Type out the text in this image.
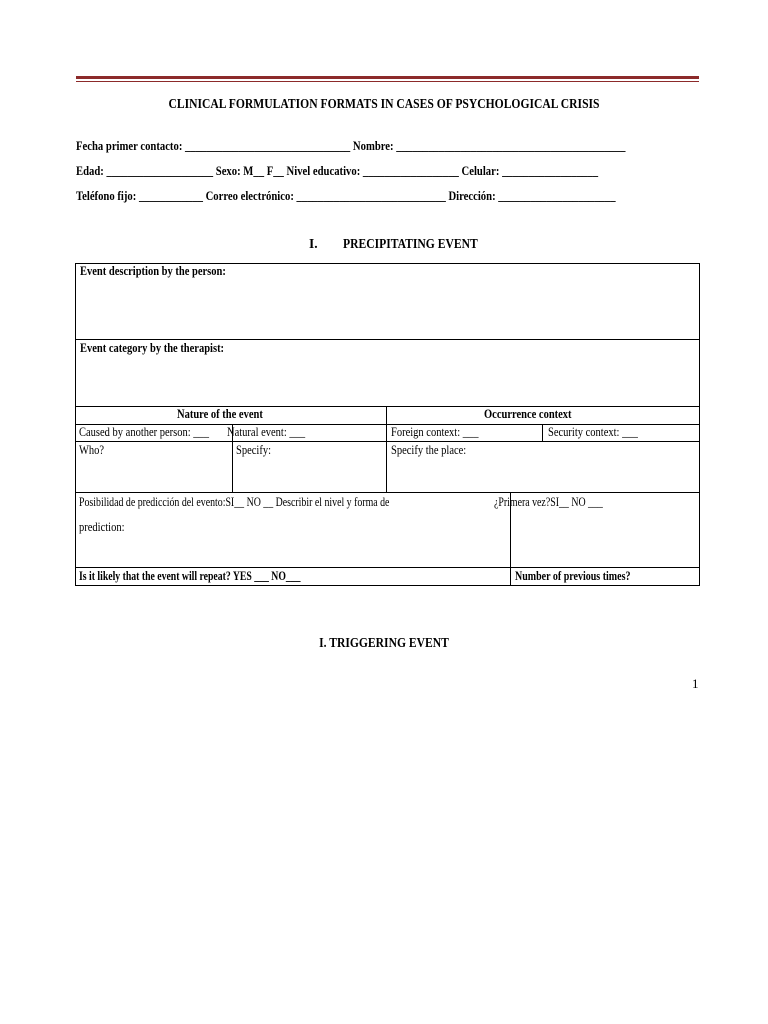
CLINICAL FORMULATION FORMATS IN CASES OF PSYCHOLOGICAL CRISIS
Fecha primer contacto: _______________________________ Nombre: ___________________________________________
Edad: ____________________ Sexo: M__ F__ Nivel educativo: __________________ Celular: __________________
Teléfono fijo: ____________ Correo electrónico: ____________________________ Dirección: ______________________
I. PRECIPITATING EVENT
Event description by the person:
Event category by the therapist:
Nature of the event	Occurrence context
Caused by another person: ___ Natural event: ___	Foreign context: ___	Security context: ___
Who?	Specify:	Specify the place:
Posibilidad de predicción del evento:SI__ NO __ Describir el nivel y forma de
prediction:
¿Primera vez?SI__ NO ___
Is it likely that the event will repeat? YES ___ NO___	Number of previous times?
I. TRIGGERING EVENT
1
